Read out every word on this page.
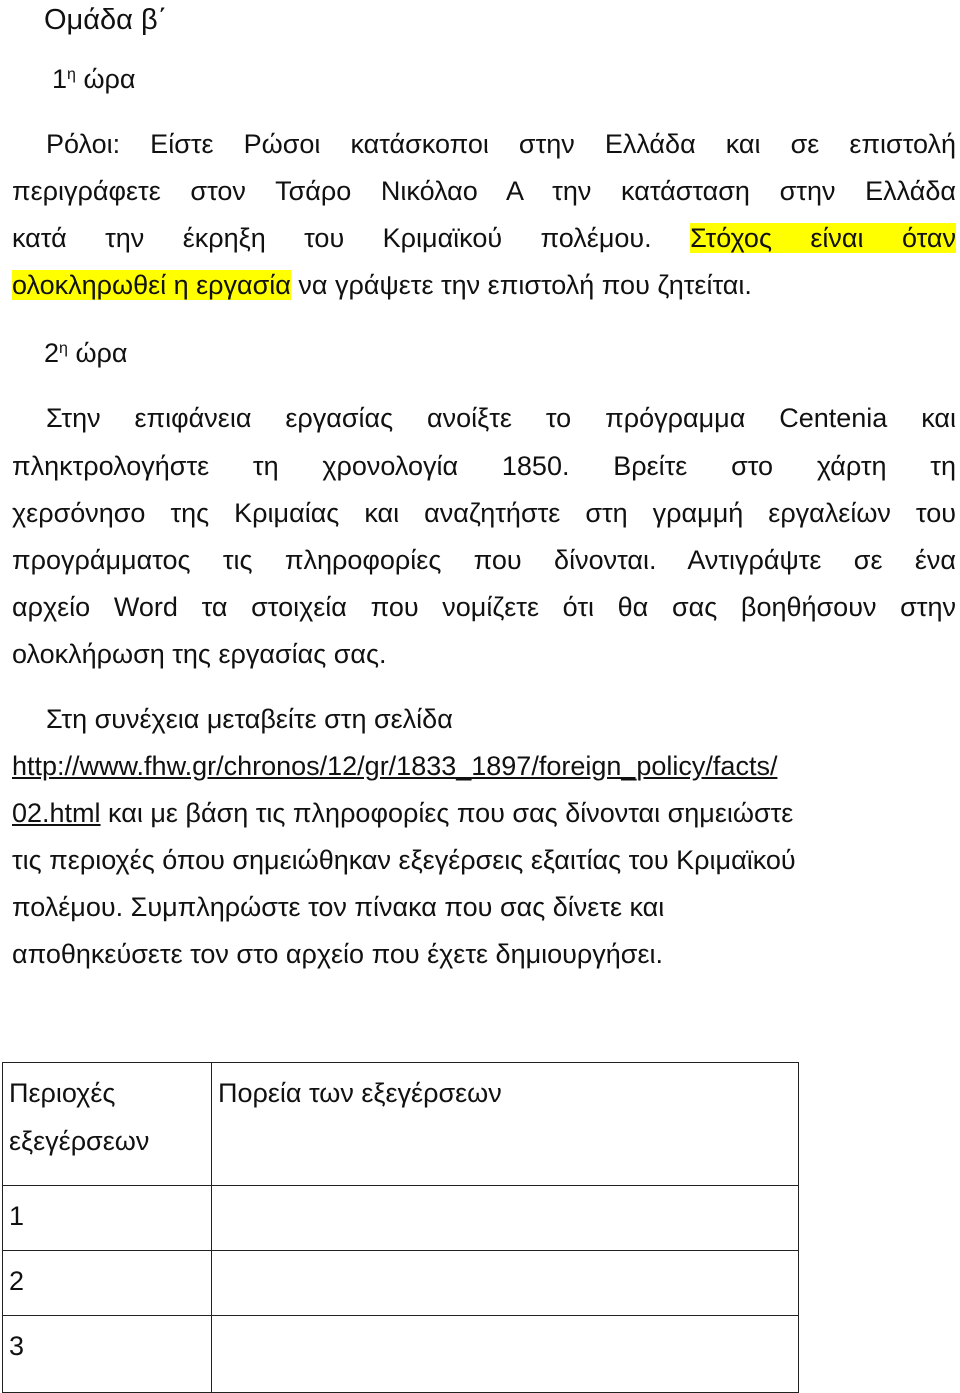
Ομάδα β΄
$1^\eta$ ώρα
Ρόλοι: Είστε Ρώσοι κατάσκοποι στην Ελλάδα και σε επιστολή
περιγράφετε στον Τσάρο Νικόλαο Α την κατάσταση στην Ελλάδα
κατά την έκρηξη του Κριμαϊκού πολέμου. Στόχος είναι όταν
ολοκληρωθεί η εργασία να γράψετε την επιστολή που ζητείται.
$2^\eta$ ώρα
Στην επιφάνεια εργασίας ανοίξτε το πρόγραμμα Centenia και
πληκτρολογήστε τη χρονολογία 1850. Βρείτε στο χάρτη τη
χερσόνησο της Κριμαίας και αναζητήστε στη γραμμή εργαλείων του
προγράμματος τις πληροφορίες που δίνονται. Αντιγράψτε σε ένα
αρχείο Word τα στοιχεία που νομίζετε ότι θα σας βοηθήσουν στην
ολοκλήρωση της εργασίας σας.
Στη συνέχεια μεταβείτε στη σελίδα
http://www.fhw.gr/chronos/12/gr/1833_1897/foreign_policy/facts/
02.html και με βάση τις πληροφορίες που σας δίνονται σημειώστε
τις περιοχές όπου σημειώθηκαν εξεγέρσεις εξαιτίας του Κριμαϊκού
πολέμου. Συμπληρώστε τον πίνακα που σας δίνετε και
αποθηκεύσετε τον στο αρχείο που έχετε δημιουργήσει.
Περιοχές
εξεγέρσεων	Πορεία των εξεγέρσεων
1	
2	
3	
